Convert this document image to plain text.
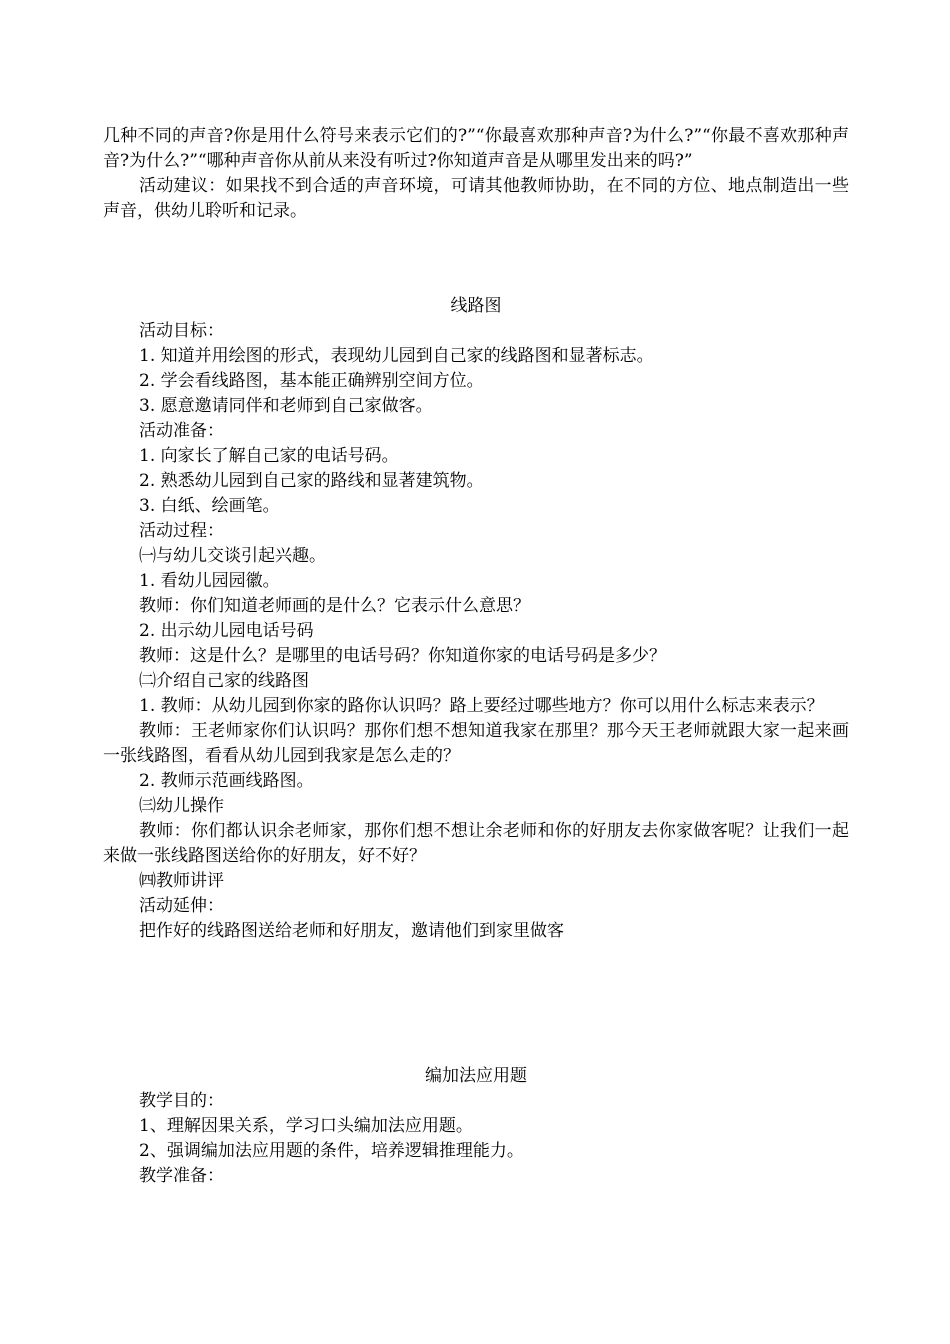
几种不同的声音?你是用什么符号来表示它们的?”“你最喜欢那种声音?为什么?”“你最不喜欢那种声音?为什么?”“哪种声音你从前从来没有听过?你知道声音是从哪里发出来的吗?”

活动建议：如果找不到合适的声音环境，可请其他教师协助，在不同的方位、地点制造出一些声音，供幼儿聆听和记录。

线路图

活动目标：

1. 知道并用绘图的形式，表现幼儿园到自己家的线路图和显著标志。

2. 学会看线路图，基本能正确辨别空间方位。

3. 愿意邀请同伴和老师到自己家做客。

活动准备：

1. 向家长了解自己家的电话号码。

2. 熟悉幼儿园到自己家的路线和显著建筑物。

3. 白纸、绘画笔。

活动过程：

㈠与幼儿交谈引起兴趣。

1. 看幼儿园园徽。

教师：你们知道老师画的是什么？它表示什么意思？

2. 出示幼儿园电话号码

教师：这是什么？是哪里的电话号码？你知道你家的电话号码是多少？

㈡介绍自己家的线路图

1. 教师：从幼儿园到你家的路你认识吗？路上要经过哪些地方？你可以用什么标志来表示？

教师：王老师家你们认识吗？那你们想不想知道我家在那里？那今天王老师就跟大家一起来画一张线路图，看看从幼儿园到我家是怎么走的？

2. 教师示范画线路图。

㈢幼儿操作

教师：你们都认识余老师家，那你们想不想让余老师和你的好朋友去你家做客呢？让我们一起来做一张线路图送给你的好朋友，好不好？

㈣教师讲评

活动延伸：

把作好的线路图送给老师和好朋友，邀请他们到家里做客

编加法应用题

教学目的：

1、理解因果关系，学习口头编加法应用题。

2、强调编加法应用题的条件，培养逻辑推理能力。

教学准备：
